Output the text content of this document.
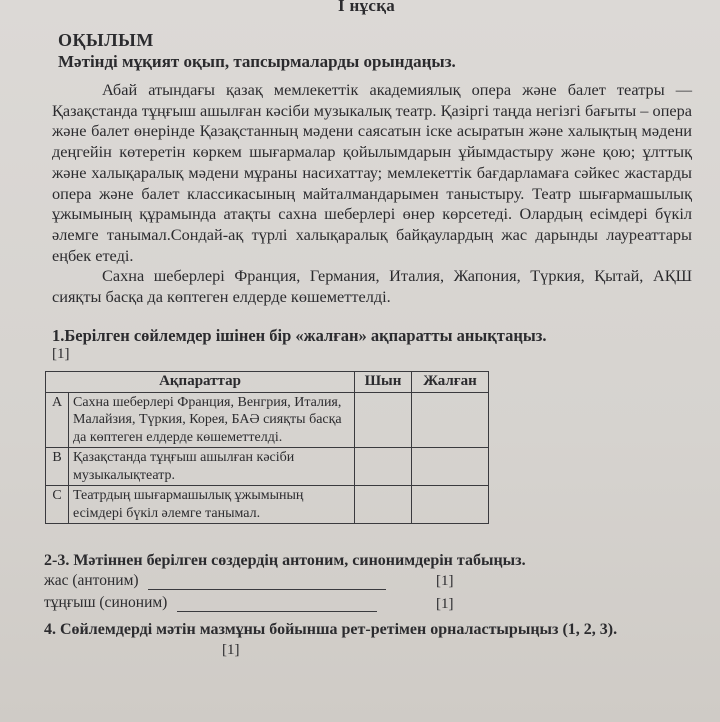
I нұсқа
ОҚЫЛЫМ
Мәтінді мұқият оқып, тапсырмаларды орындаңыз.

Абай атындағы қазақ мемлекеттік академиялық опера және балет театры — Қазақстанда тұңғыш ашылған кәсіби музыкалық театр. Қазіргі таңда негізгі бағыты – опера және балет өнерінде Қазақстанның мәдени саясатын іске асыратын және халықтың мәдени деңгейін көтеретін көркем шығармалар қойылымдарын ұйымдастыру және қою; ұлттық және халықаралық мәдени мұраны насихаттау; мемлекеттік бағдарламаға сәйкес жастарды опера және балет классикасының майталмандарымен таныстыру. Театр шығармашылық ұжымының құрамында атақты сахна шеберлері өнер көрсетеді. Олардың есімдері бүкіл әлемге танымал.Сондай-ақ түрлі халықаралық байқаулардың жас дарынды лауреаттары еңбек етеді.

Сахна шеберлері Франция, Германия, Италия, Жапония, Түркия, Қытай, АҚШ сияқты басқа да көптеген елдерде көшеметтелді.

1.Берілген сөйлемдер ішінен бір «жалған» ақпаратты анықтаңыз.
[1]
Ақпараттар		Шын	Жалған
A	Сахна шеберлері Франция, Венгрия, Италия, Малайзия, Түркия, Корея, БАӘ сияқты басқа да көптеген елдерде көшеметтелді.		
B	Қазақстанда тұңғыш ашылған кәсіби музыкалықтеатр.		
C	Театрдың шығармашылық ұжымының есімдері бүкіл әлемге танымал.		
2-3. Мәтіннен берілген сөздердің антоним, синонимдерін табыңыз.
жас (антоним)	[1]
тұңғыш (синоним)	[1]
4. Сөйлемдерді мәтін мазмұны бойынша рет-ретімен орналастырыңыз (1, 2, 3).
[1]
